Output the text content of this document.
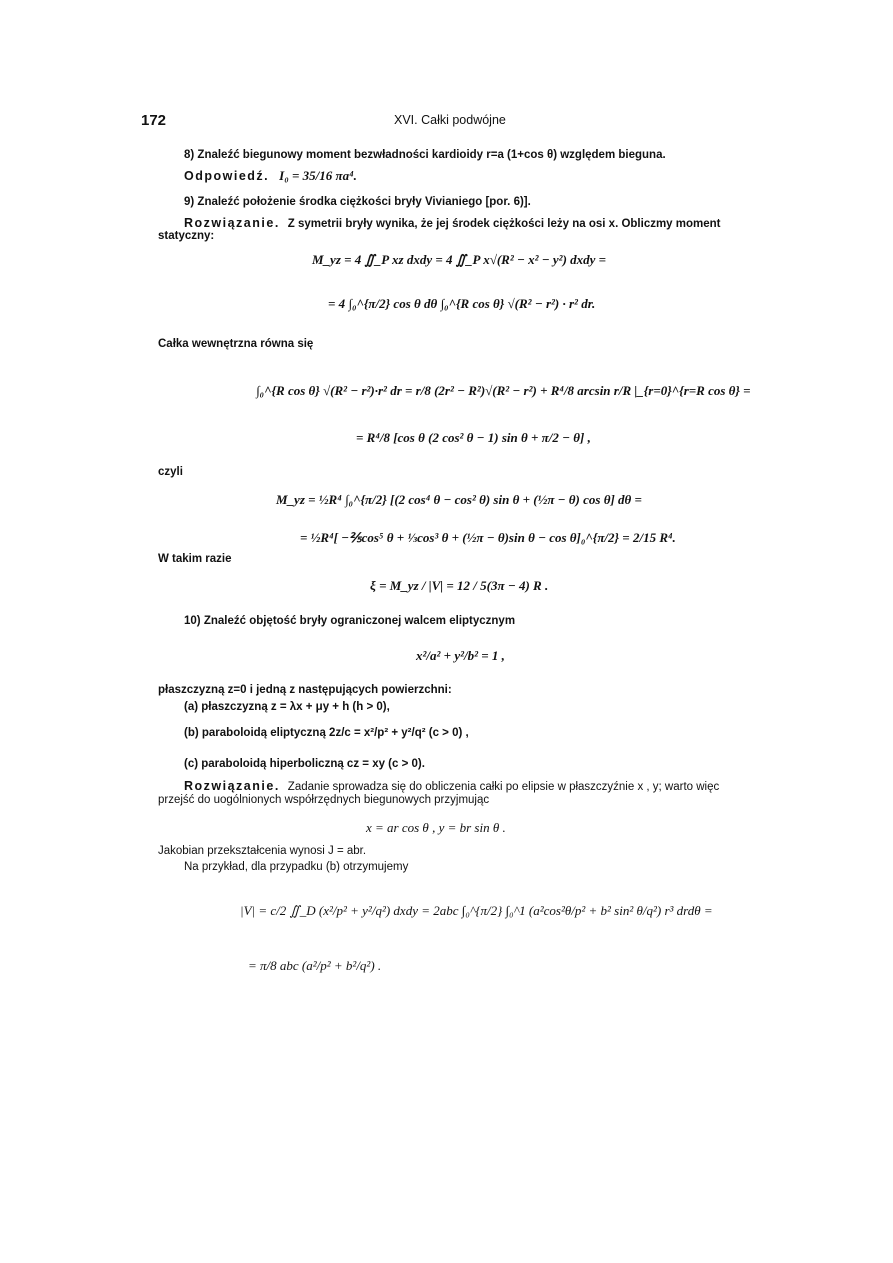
172	XVI. Całki podwójne
8) Znaleźć biegunowy moment bezwładności kardioidy r=a (1+cos θ) względem bieguna.
Odpowiedź. I₀ = 35/16 πa⁴.
9) Znaleźć położenie środka ciężkości bryły Vivianiego [por. 6)].
Rozwiązanie. Z symetrii bryły wynika, że jej środek ciężkości leży na osi x. Obliczmy moment
statyczny:
M_yz = 4 ∬_P xz dxdy = 4 ∬_P x√(R² − x² − y²) dxdy =
= 4 ∫₀^{π/2} cos θ dθ ∫₀^{R cos θ} √(R² − r²) · r² dr.
Całka wewnętrzna równa się
∫₀^{R cos θ} √(R² − r²)·r² dr = r/8 (2r² − R²)√(R² − r²) + R⁴/8 arcsin r/R |_{r=0}^{r=R cos θ} =
= R⁴/8 [cos θ (2 cos² θ − 1) sin θ + π/2 − θ] ,
czyli
M_yz = ½R⁴ ∫₀^{π/2} [(2 cos⁴ θ − cos² θ) sin θ + (½π − θ) cos θ] dθ =
= ½R⁴[ −⅖cos⁵ θ + ⅓cos³ θ + (½π − θ)sin θ − cos θ]₀^{π/2} = 2/15 R⁴.
W takim razie
ξ = M_yz / |V| = 12 / 5(3π − 4) R .
10) Znaleźć objętość bryły ograniczonej walcem eliptycznym
x²/a² + y²/b² = 1 ,
płaszczyzną z=0 i jedną z następujących powierzchni:
(a) płaszczyzną z = λx + μy + h (h > 0),
(b) paraboloidą eliptyczną 2z/c = x²/p² + y²/q² (c > 0) ,
(c) paraboloidą hiperboliczną cz = xy (c > 0).
Rozwiązanie. Zadanie sprowadza się do obliczenia całki po elipsie w płaszczyźnie x , y; warto więc
przejść do uogólnionych współrzędnych biegunowych przyjmując
x = ar cos θ , y = br sin θ .
Jakobian przekształcenia wynosi J = abr.
Na przykład, dla przypadku (b) otrzymujemy
|V| = c/2 ∬_D (x²/p² + y²/q²) dxdy = 2abc ∫₀^{π/2} ∫₀^1 (a²cos²θ/p² + b² sin² θ/q²) r³ drdθ =
= π/8 abc (a²/p² + b²/q²) .
